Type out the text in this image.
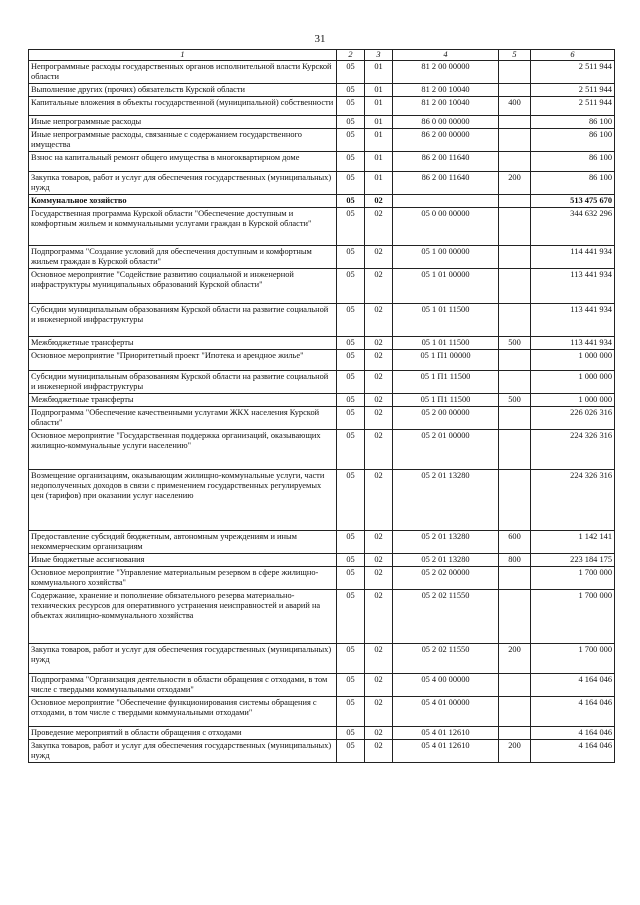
31
1	2	3	4	5	6
Непрограммные расходы государственных органов исполнительной власти Курской области	05	01	81 2 00 00000		2 511 944
Выполнение других (прочих) обязательств Курской области	05	01	81 2 00 10040		2 511 944
Капитальные вложения в объекты государственной (муниципальной) собственности	05	01	81 2 00 10040	400	2 511 944
Иные непрограммные расходы	05	01	86 0 00 00000		86 100
Иные непрограммные расходы, связанные с содержанием государственного имущества	05	01	86 2 00 00000		86 100
Взнос на капитальный ремонт общего имущества в многоквартирном доме	05	01	86 2 00 11640		86 100
Закупка товаров, работ и услуг для обеспечения государственных (муниципальных) нужд	05	01	86 2 00 11640	200	86 100
Коммунальное хозяйство	05	02			513 475 670
Государственная программа Курской области "Обеспечение доступным и комфортным жильем и коммунальными услугами граждан в Курской области"	05	02	05 0 00 00000		344 632 296
Подпрограмма "Создание условий для обеспечения доступным и комфортным жильем граждан в Курской области"	05	02	05 1 00 00000		114 441 934
Основное мероприятие "Содействие развитию социальной и инженерной инфраструктуры муниципальных образований Курской области"	05	02	05 1 01 00000		113 441 934
Субсидии муниципальным образованиям Курской области на развитие социальной и инженерной инфраструктуры	05	02	05 1 01 11500		113 441 934
Межбюджетные трансферты	05	02	05 1 01 11500	500	113 441 934
Основное мероприятие "Приоритетный проект "Ипотека и арендное жилье"	05	02	05 1 П1 00000		1 000 000
Субсидии муниципальным образованиям Курской области на развитие социальной и инженерной инфраструктуры	05	02	05 1 П1 11500		1 000 000
Межбюджетные трансферты	05	02	05 1 П1 11500	500	1 000 000
Подпрограмма "Обеспечение качественными услугами ЖКХ населения Курской области"	05	02	05 2 00 00000		226 026 316
Основное мероприятие "Государственная поддержка организаций, оказывающих жилищно-коммунальные услуги населению"	05	02	05 2 01 00000		224 326 316
Возмещение организациям, оказывающим жилищно-коммунальные услуги, части недополученных доходов в связи с применением государственных регулируемых цен (тарифов) при оказании услуг населению	05	02	05 2 01 13280		224 326 316
Предоставление субсидий бюджетным, автономным учреждениям и иным некоммерческим организациям	05	02	05 2 01 13280	600	1 142 141
Иные бюджетные ассигнования	05	02	05 2 01 13280	800	223 184 175
Основное мероприятие "Управление материальным резервом в сфере жилищно-коммунального хозяйства"	05	02	05 2 02 00000		1 700 000
Содержание, хранение и пополнение обязательного резерва материально-технических ресурсов для оперативного устранения неисправностей и аварий на объектах жилищно-коммунального хозяйства	05	02	05 2 02 11550		1 700 000
Закупка товаров, работ и услуг для обеспечения государственных (муниципальных) нужд	05	02	05 2 02 11550	200	1 700 000
Подпрограмма "Организация деятельности в области обращения с отходами, в том числе с твердыми коммунальными отходами"	05	02	05 4 00 00000		4 164 046
Основное мероприятие "Обеспечение функционирования системы обращения с отходами, в том числе с твердыми коммунальными отходами"	05	02	05 4 01 00000		4 164 046
Проведение мероприятий в области обращения с отходами	05	02	05 4 01 12610		4 164 046
Закупка товаров, работ и услуг для обеспечения государственных (муниципальных) нужд	05	02	05 4 01 12610	200	4 164 046
